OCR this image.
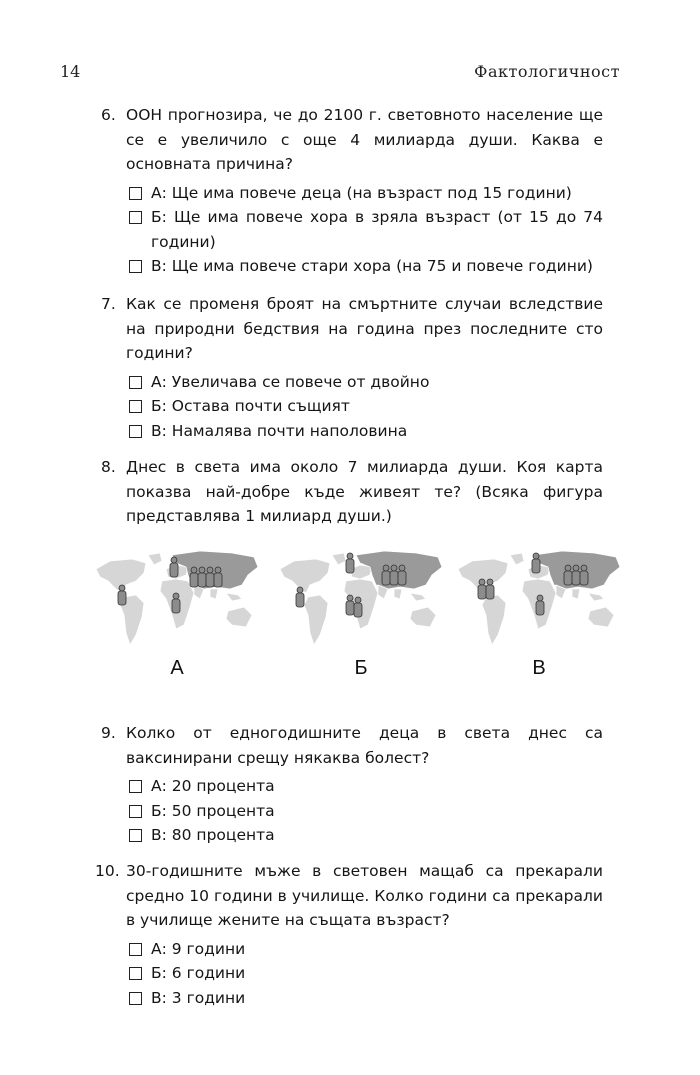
14	Фактологичност
6. ООН прогнозира, че до 2100 г. световното население ще се е увеличило с още 4 милиарда души. Каква е основната причина?
А: Ще има повече деца (на възраст под 15 години)
Б: Ще има повече хора в зряла възраст (от 15 до 74 години)
В: Ще има повече стари хора (на 75 и повече години)
7. Как се променя броят на смъртните случаи вследствие на природни бедствия на година през последните сто години?
А: Увеличава се повече от двойно
Б: Остава почти същият
В: Намалява почти наполовина
8. Днес в света има около 7 милиарда души. Коя карта показва най-добре къде живеят те? (Всяка фигура представлява 1 милиард души.)
А	Б	В
9. Колко от едногодишните деца в света днес са ваксинирани срещу някаква болест?
А: 20 процента
Б: 50 процента
В: 80 процента
10. 30-годишните мъже в световен мащаб са прекарали средно 10 години в училище. Колко години са прекарали в училище жените на същата възраст?
А: 9 години
Б: 6 години
В: 3 години
